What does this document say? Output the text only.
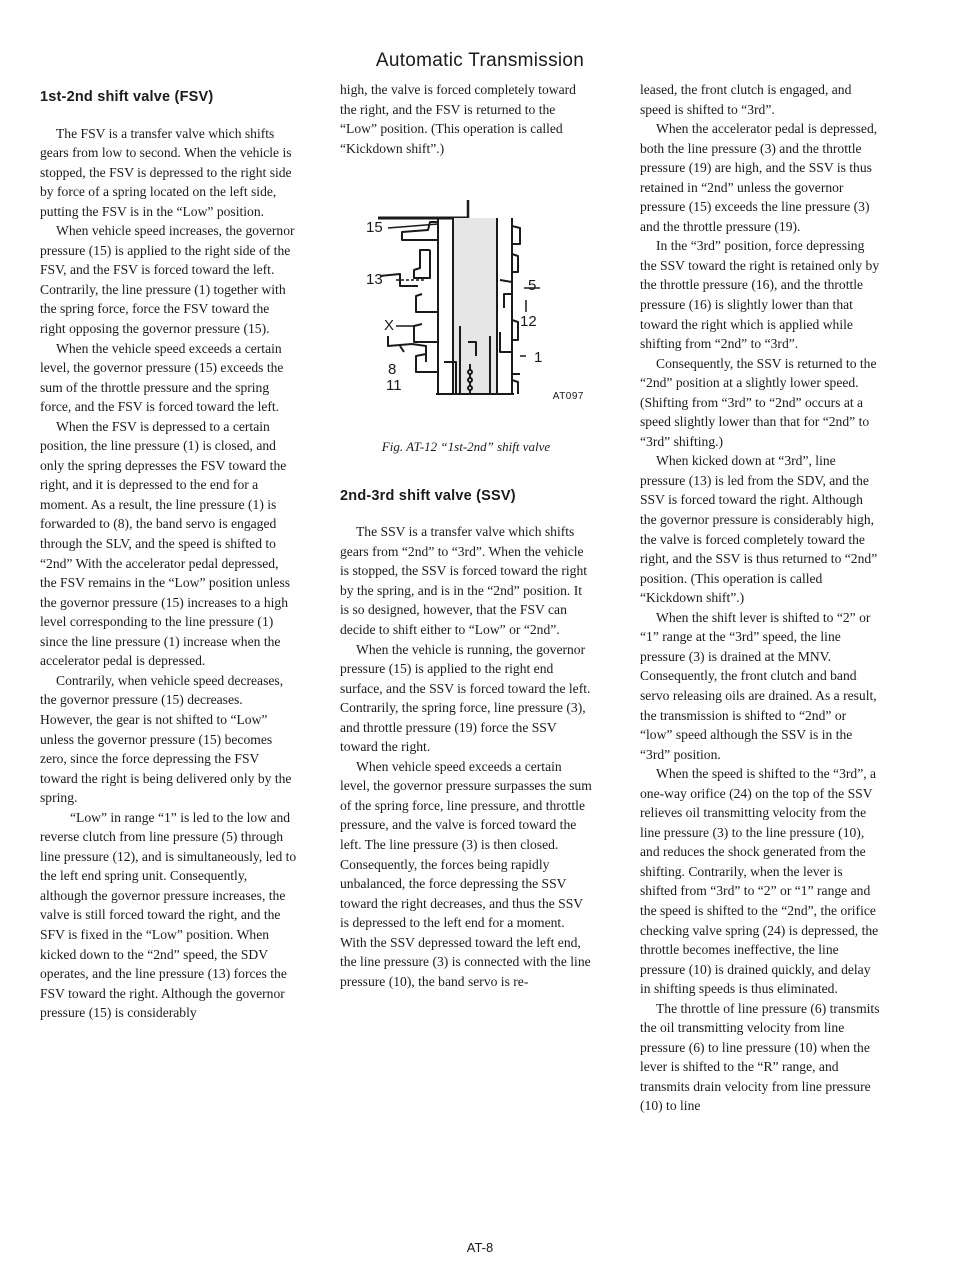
Automatic Transmission
1st-2nd shift valve (FSV)

The FSV is a transfer valve which shifts gears from low to second. When the vehicle is stopped, the FSV is depressed to the right side by force of a spring located on the left side, putting the FSV is in the “Low” position.

When vehicle speed increases, the governor pressure (15) is applied to the right side of the FSV, and the FSV is forced toward the left. Contrarily, the line pressure (1) together with the spring force, force the FSV toward the right opposing the governor pressure (15).

When the vehicle speed exceeds a certain level, the governor pressure (15) exceeds the sum of the throttle pressure and the spring force, and the FSV is forced toward the left.

When the FSV is depressed to a certain position, the line pressure (1) is closed, and only the spring depresses the FSV toward the right, and it is depressed to the end for a moment. As a result, the line pressure (1) is forwarded to (8), the band servo is engaged through the SLV, and the speed is shifted to “2nd” With the accelerator pedal depressed, the FSV remains in the “Low” position unless the governor pressure (15) increases to a high level corresponding to the line pressure (1) since the line pressure (1) increase when the accelerator pedal is depressed.

Contrarily, when vehicle speed decreases, the governor pressure (15) decreases. However, the gear is not shifted to “Low” unless the governor pressure (15) becomes zero, since the force depressing the FSV toward the right is being delivered only by the spring.

“Low” in range “1” is led to the low and reverse clutch from line pressure (5) through line pressure (12), and is simultaneously, led to the left end spring unit. Consequently, although the governor pressure increases, the valve is still forced toward the right, and the SFV is fixed in the “Low” position. When kicked down to the “2nd” speed, the SDV operates, and the line pressure (13) forces the FSV toward the right. Although the governor pressure (15) is considerably

high, the valve is forced completely toward the right, and the FSV is returned to the “Low” position. (This operation is called “Kickdown shift”.)

15
13	5
12
X
8
11
1
AT097
Fig. AT-12 “1st-2nd” shift valve
2nd-3rd shift valve (SSV)

The SSV is a transfer valve which shifts gears from “2nd” to “3rd”. When the vehicle is stopped, the SSV is forced toward the right by the spring, and is in the “2nd” position. It is so designed, however, that the FSV can decide to shift either to “Low” or “2nd”.

When the vehicle is running, the governor pressure (15) is applied to the right end surface, and the SSV is forced toward the left. Contrarily, the spring force, line pressure (3), and throttle pressure (19) force the SSV toward the right.

When vehicle speed exceeds a certain level, the governor pressure surpasses the sum of the spring force, line pressure, and throttle pressure, and the valve is forced toward the left. The line pressure (3) is then closed. Consequently, the forces being rapidly unbalanced, the force depressing the SSV toward the right decreases, and thus the SSV is depressed to the left end for a moment. With the SSV depressed toward the left end, the line pressure (3) is connected with the line pressure (10), the band servo is re-

leased, the front clutch is engaged, and speed is shifted to “3rd”.

When the accelerator pedal is depressed, both the line pressure (3) and the throttle pressure (19) are high, and the SSV is thus retained in “2nd” unless the governor pressure (15) exceeds the line pressure (3) and the throttle pressure (19).

In the “3rd” position, force depressing the SSV toward the right is retained only by the throttle pressure (16), and the throttle pressure (16) is slightly lower than that toward the right which is applied while shifting from “2nd” to “3rd”.

Consequently, the SSV is returned to the “2nd” position at a slightly lower speed. (Shifting from “3rd” to “2nd” occurs at a speed slightly lower than that for “2nd” to “3rd” shifting.)

When kicked down at “3rd”, line pressure (13) is led from the SDV, and the SSV is forced toward the right. Although the governor pressure is considerably high, the valve is forced completely toward the right, and the SSV is thus returned to “2nd” position. (This operation is called “Kickdown shift”.)

When the shift lever is shifted to “2” or “1” range at the “3rd” speed, the line pressure (3) is drained at the MNV. Consequently, the front clutch and band servo releasing oils are drained. As a result, the transmission is shifted to “2nd” or “low” speed although the SSV is in the “3rd” position.

When the speed is shifted to the “3rd”, a one-way orifice (24) on the top of the SSV relieves oil transmitting velocity from the line pressure (3) to the line pressure (10), and reduces the shock generated from the shifting. Contrarily, when the lever is shifted from “3rd” to “2” or “1” range and the speed is shifted to the “2nd”, the orifice checking valve spring (24) is depressed, the throttle becomes ineffective, the line pressure (10) is drained quickly, and delay in shifting speeds is thus eliminated.

The throttle of line pressure (6) transmits the oil transmitting velocity from line pressure (6) to line pressure (10) when the lever is shifted to the “R” range, and transmits drain velocity from line pressure (10) to line

AT-8
